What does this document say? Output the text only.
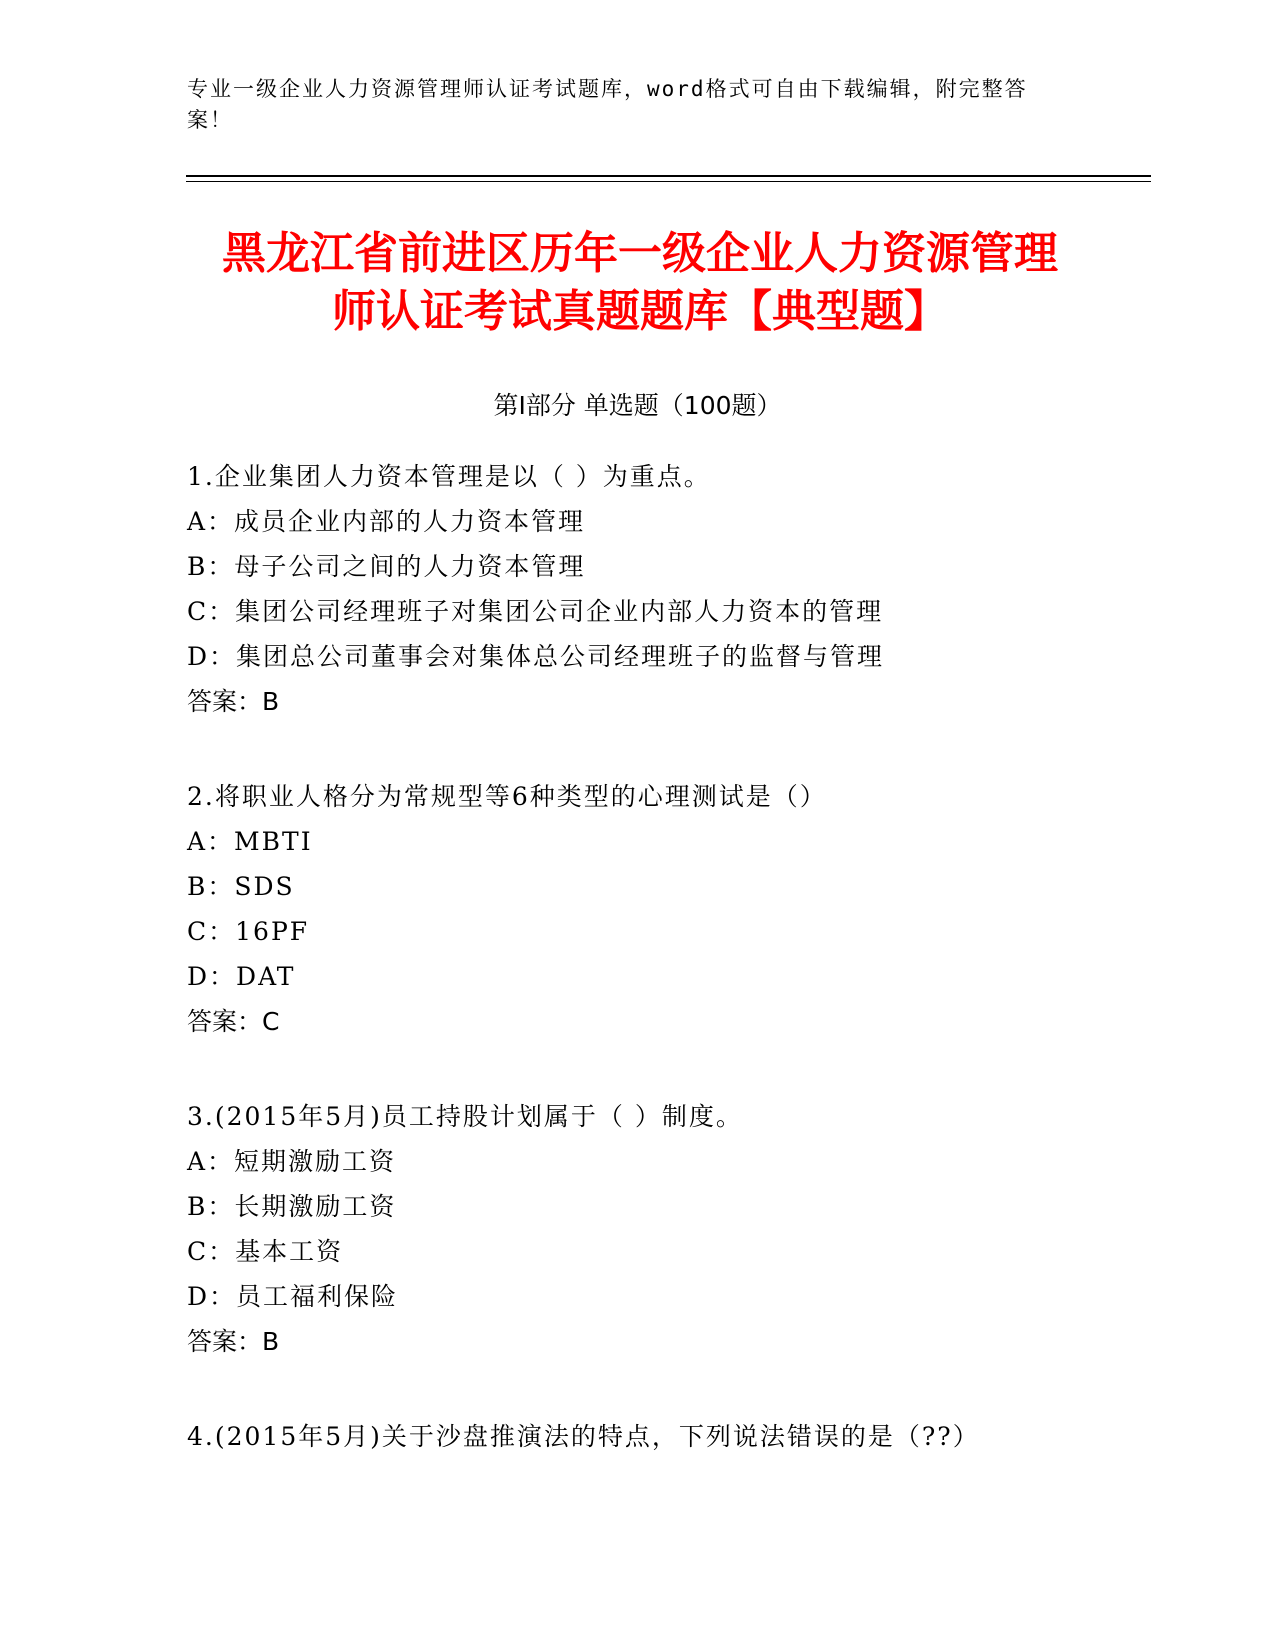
专业一级企业人力资源管理师认证考试题库，word格式可自由下载编辑，附完整答案！
黑龙江省前进区历年一级企业人力资源管理
师认证考试真题题库【典型题】
第Ⅰ部分 单选题（100题）
1.企业集团人力资本管理是以（ ）为重点。
A：成员企业内部的人力资本管理
B：母子公司之间的人力资本管理
C：集团公司经理班子对集团公司企业内部人力资本的管理
D：集团总公司董事会对集体总公司经理班子的监督与管理
答案：B
2.将职业人格分为常规型等6种类型的心理测试是（）
A：MBTI
B：SDS
C：16PF
D：DAT
答案：C
3.(2015年5月)员工持股计划属于（ ）制度。
A：短期激励工资
B：长期激励工资
C：基本工资
D：员工福利保险
答案：B
4.(2015年5月)关于沙盘推演法的特点，下列说法错误的是（??）
